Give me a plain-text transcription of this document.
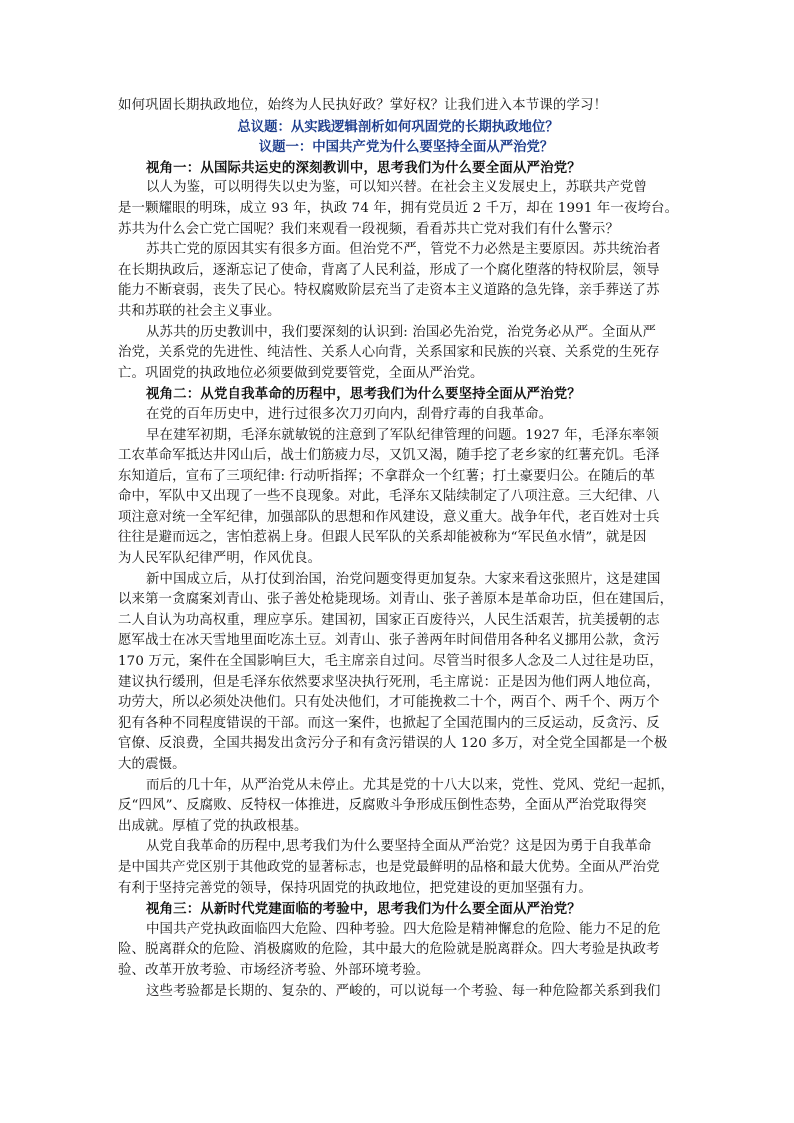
如何巩固长期执政地位，始终为人民执好政？掌好权？让我们进入本节课的学习！
总议题：从实践逻辑剖析如何巩固党的长期执政地位？
议题一：中国共产党为什么要坚持全面从严治党？
视角一：从国际共运史的深刻教训中，思考我们为什么要全面从严治党？
以人为鉴，可以明得失以史为鉴，可以知兴替。在社会主义发展史上，苏联共产党曾
是一颗耀眼的明珠，成立 93 年，执政 74 年，拥有党员近 2 千万，却在 1991 年一夜垮台。
苏共为什么会亡党亡国呢？我们来观看一段视频，看看苏共亡党对我们有什么警示？
苏共亡党的原因其实有很多方面。但治党不严，管党不力必然是主要原因。苏共统治者
在长期执政后，逐渐忘记了使命，背离了人民利益，形成了一个腐化堕落的特权阶层，领导
能力不断衰弱，丧失了民心。特权腐败阶层充当了走资本主义道路的急先锋，亲手葬送了苏
共和苏联的社会主义事业。
从苏共的历史教训中，我们要深刻的认识到: 治国必先治党，治党务必从严。全面从严
治党，关系党的先进性、纯洁性、关系人心向背，关系国家和民族的兴衰、关系党的生死存
亡。巩固党的执政地位必须要做到党要管党，全面从严治党。
视角二：从党自我革命的历程中，思考我们为什么要坚持全面从严治党？
在党的百年历史中，进行过很多次刀刃向内，刮骨疗毒的自我革命。
早在建军初期，毛泽东就敏锐的注意到了军队纪律管理的问题。1927 年，毛泽东率领
工农革命军抵达井冈山后，战士们筋疲力尽，又饥又渴，随手挖了老乡家的红薯充饥。毛泽
东知道后，宣布了三项纪律: 行动听指挥；不拿群众一个红薯；打土豪要归公。在随后的革
命中，军队中又出现了一些不良现象。对此，毛泽东又陆续制定了八项注意。三大纪律、八
项注意对统一全军纪律，加强部队的思想和作风建设，意义重大。战争年代，老百姓对士兵
往往是避而远之，害怕惹祸上身。但跟人民军队的关系却能被称为“军民鱼水情”，就是因
为人民军队纪律严明，作风优良。
新中国成立后，从打仗到治国，治党问题变得更加复杂。大家来看这张照片，这是建国
以来第一贪腐案刘青山、张子善处枪毙现场。刘青山、张子善原本是革命功臣，但在建国后，
二人自认为功高权重，理应享乐。建国初，国家正百废待兴，人民生活艰苦，抗美援朝的志
愿军战士在冰天雪地里面吃冻土豆。刘青山、张子善两年时间借用各种名义挪用公款，贪污
170 万元，案件在全国影响巨大，毛主席亲自过问。尽管当时很多人念及二人过往是功臣，
建议执行缓刑，但是毛泽东依然要求坚决执行死刑，毛主席说：正是因为他们两人地位高，
功劳大，所以必须处决他们。只有处决他们，才可能挽救二十个，两百个、两千个、两万个
犯有各种不同程度错误的干部。而这一案件，也掀起了全国范围内的三反运动，反贪污、反
官僚、反浪费，全国共揭发出贪污分子和有贪污错误的人 120 多万，对全党全国都是一个极
大的震慑。
而后的几十年，从严治党从未停止。尤其是党的十八大以来，党性、党风、党纪一起抓，
反“四风”、反腐败、反特权一体推进，反腐败斗争形成压倒性态势，全面从严治党取得突
出成就。厚植了党的执政根基。
从党自我革命的历程中,思考我们为什么要坚持全面从严治党？这是因为勇于自我革命
是中国共产党区别于其他政党的显著标志，也是党最鲜明的品格和最大优势。全面从严治党
有利于坚持完善党的领导，保持巩固党的执政地位，把党建设的更加坚强有力。
视角三：从新时代党建面临的考验中，思考我们为什么要全面从严治党？
中国共产党执政面临四大危险、四种考验。四大危险是精神懈怠的危险、能力不足的危
险、脱离群众的危险、消极腐败的危险，其中最大的危险就是脱离群众。四大考验是执政考
验、改革开放考验、市场经济考验、外部环境考验。
这些考验都是长期的、复杂的、严峻的，可以说每一个考验、每一种危险都关系到我们
